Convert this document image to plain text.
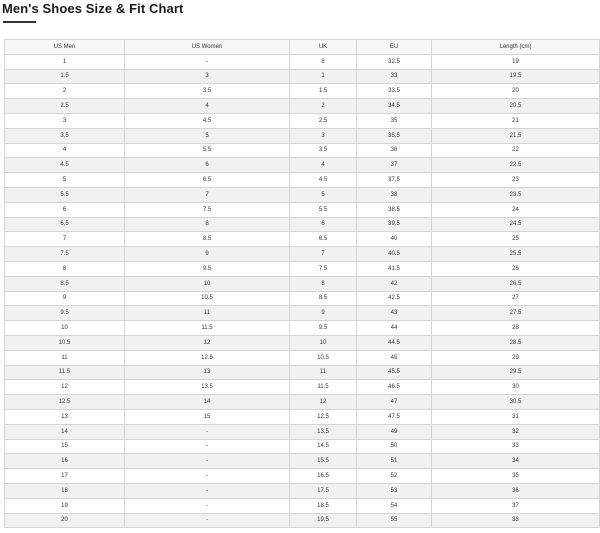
Men's Shoes Size & Fit Chart
US Men	US Women	UK	EU	Length (cm)
1	-	8	32.5	19
1.5	3	1	33	19.5
2	3.5	1.5	33.5	20
2.5	4	2	34.5	20.5
3	4.5	2.5	35	21
3.5	5	3	35.5	21.5
4	5.5	3.5	36	22
4.5	6	4	37	22.5
5	6.5	4.5	37.5	23
5.5	7	5	38	23.5
6	7.5	5.5	38.5	24
6.5	8	6	39.5	24.5
7	8.5	6.5	40	25
7.5	9	7	40.5	25.5
8	9.5	7.5	41.5	26
8.5	10	8	42	26.5
9	10.5	8.5	42.5	27
9.5	11	9	43	27.5
10	11.5	9.5	44	28
10.5	12	10	44.5	28.5
11	12.5	10.5	45	29
11.5	13	11	45.5	29.5
12	13.5	11.5	46.5	30
12.5	14	12	47	30.5
13	15	12.5	47.5	31
14	-	13.5	49	32
15	-	14.5	50	33
16	-	15.5	51	34
17	-	16.5	52	35
18	-	17.5	53	36
19	-	18.5	54	37
20	-	19.5	55	38
